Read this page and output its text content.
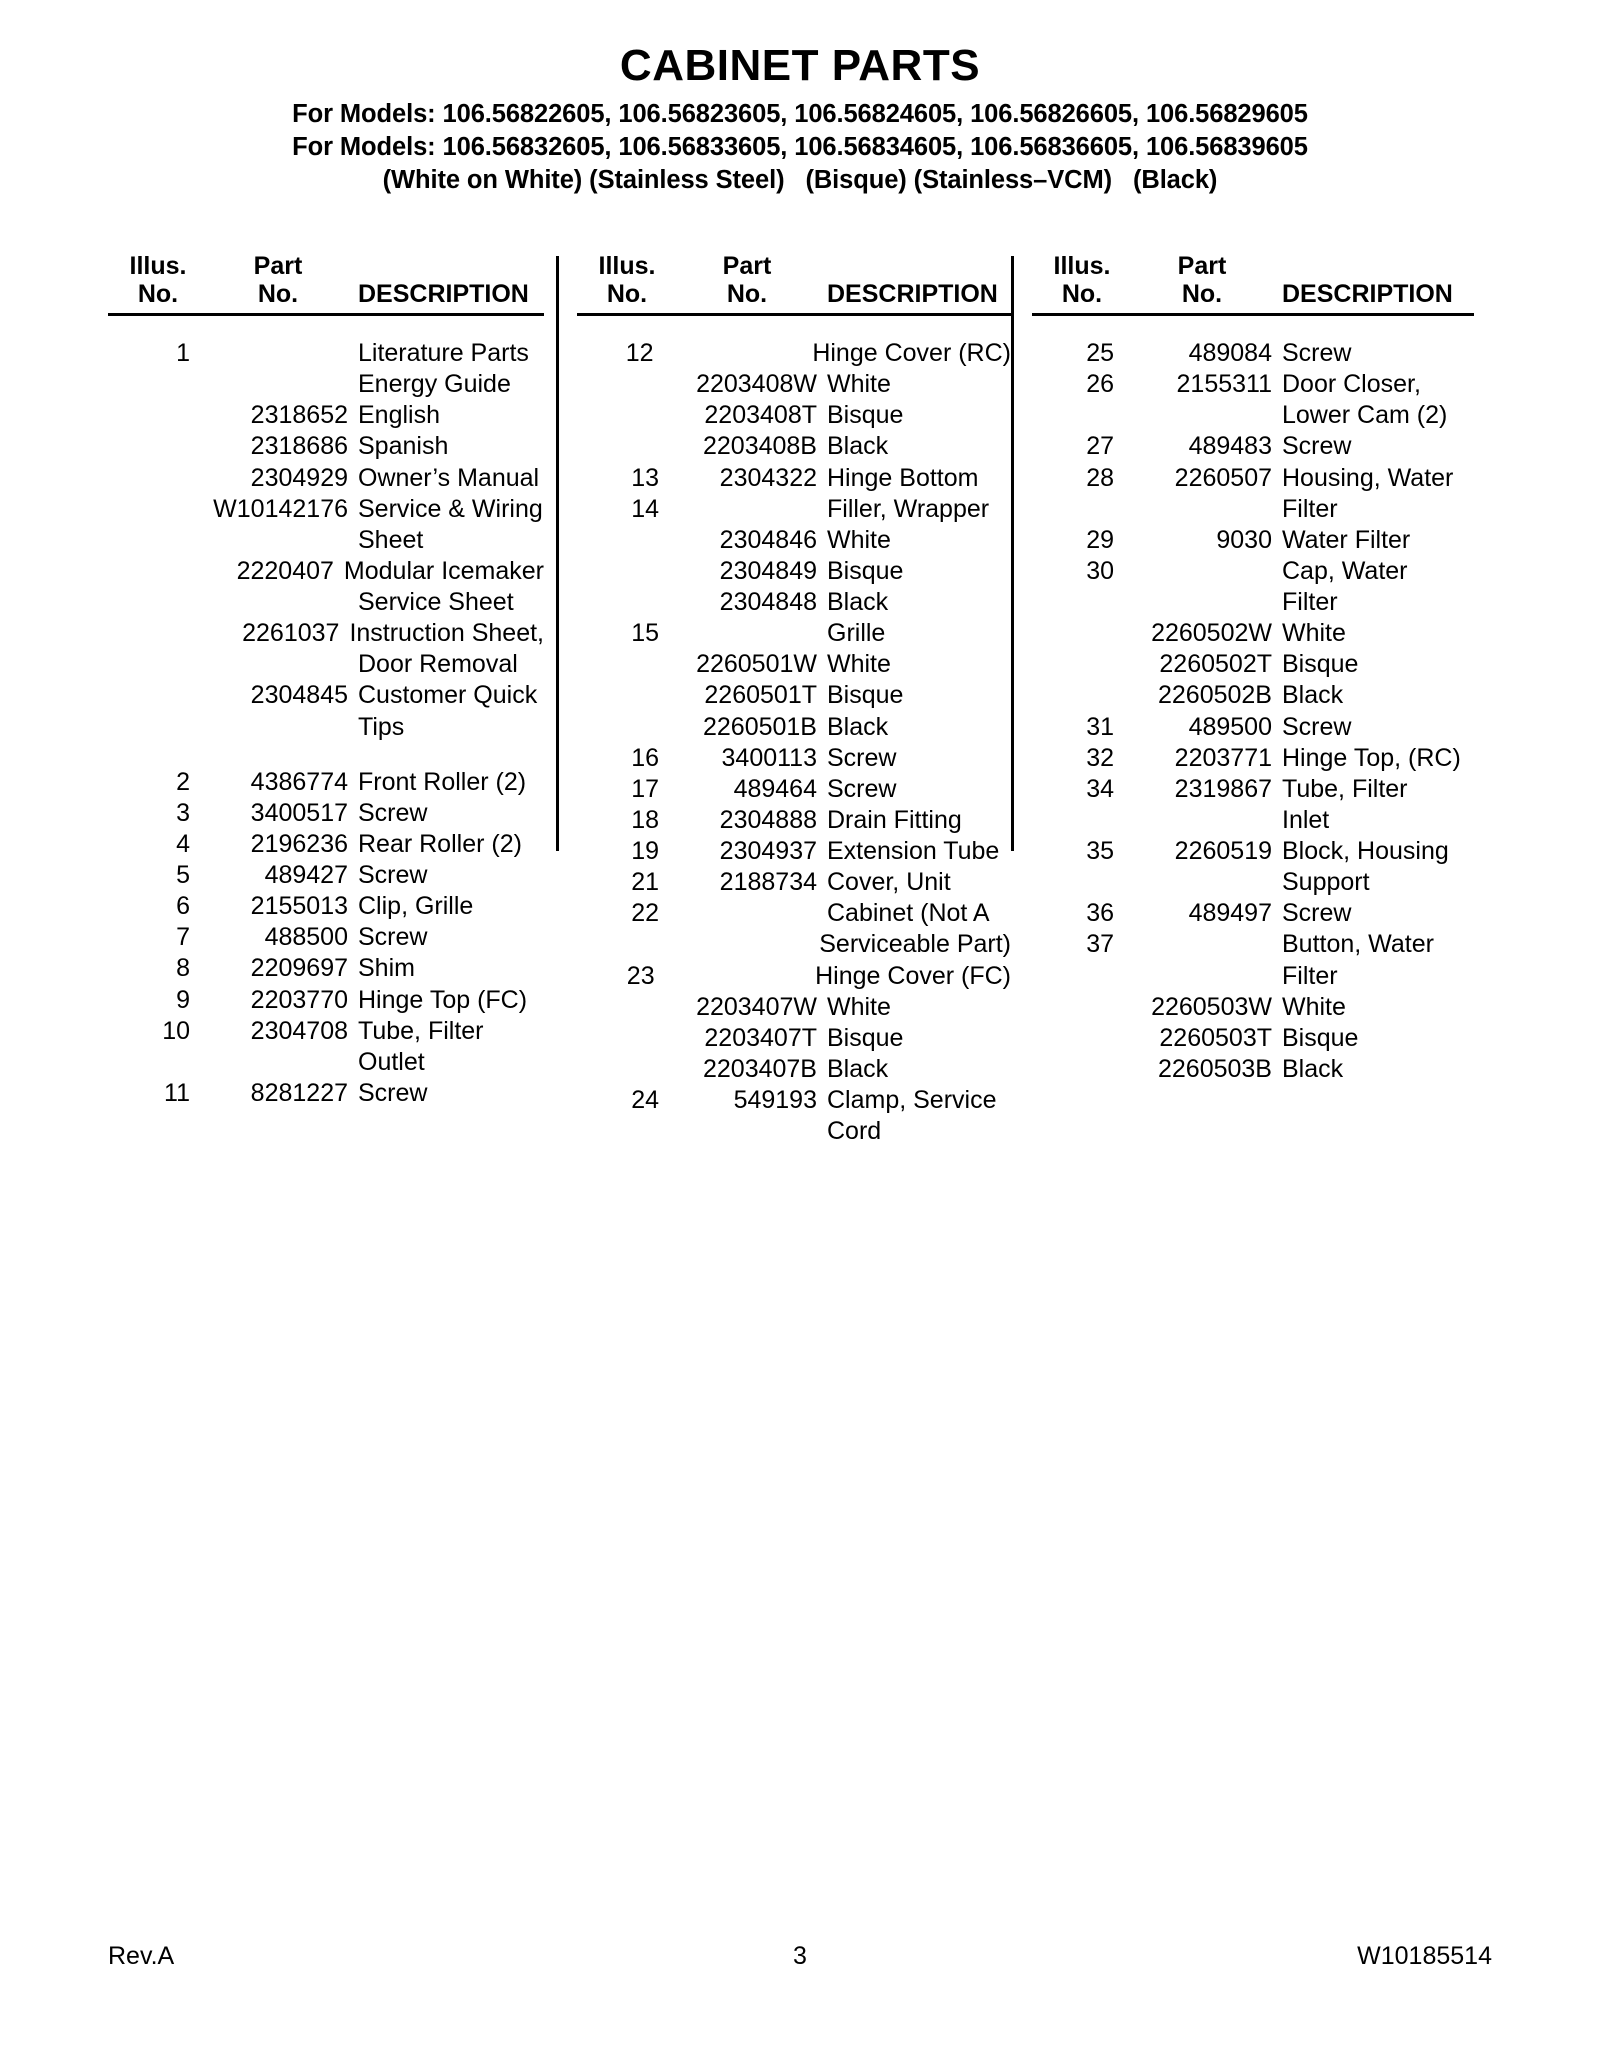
CABINET PARTS

For Models: 106.56822605, 106.56823605, 106.56824605, 106.56826605, 106.56829605

For Models: 106.56832605, 106.56833605, 106.56834605, 106.56836605, 106.56839605

(White on White) (Stainless Steel) (Bisque) (Stainless–VCM) (Black)

Illus.	Part
No.	No.	DESCRIPTION
1	Literature Parts
Energy Guide
2318652 English
2318686 Spanish
2304929 Owner’s Manual
W10142176 Service & Wiring
Sheet
2220407 Modular Icemaker
Service Sheet
2261037 Instruction Sheet,
Door Removal
2304845 Customer Quick
Tips
2	4386774 Front Roller (2)
3	3400517 Screw
4	2196236 Rear Roller (2)
5	489427 Screw
6	2155013 Clip, Grille
7	488500 Screw
8	2209697 Shim
9	2203770 Hinge Top (FC)
10	2304708 Tube, Filter
Outlet
11	8281227 Screw
Illus.	Part
No.	No.	DESCRIPTION
12	Hinge Cover (RC)
2203408W White
2203408T Bisque
2203408B Black
13	2304322 Hinge Bottom
14	Filler, Wrapper
2304846 White
2304849 Bisque
2304848 Black
15	Grille
2260501W White
2260501T Bisque
2260501B Black
16	3400113 Screw
17	489464 Screw
18	2304888 Drain Fitting
19	2304937 Extension Tube
21	2188734 Cover, Unit
22	Cabinet (Not A
Serviceable Part)
23	Hinge Cover (FC)
2203407W White
2203407T Bisque
2203407B Black
24	549193 Clamp, Service
Cord
Illus.	Part
No.	No.	DESCRIPTION
25	489084 Screw
26	2155311 Door Closer,
Lower Cam (2)
27	489483 Screw
28	2260507 Housing, Water
Filter
29	9030 Water Filter
30	Cap, Water
Filter
2260502W White
2260502T Bisque
2260502B Black
31	489500 Screw
32	2203771 Hinge Top, (RC)
34	2319867 Tube, Filter
Inlet
35	2260519 Block, Housing
Support
36	489497 Screw
37	Button, Water
Filter
2260503W White
2260503T Bisque
2260503B Black
Rev.A	3	W10185514
